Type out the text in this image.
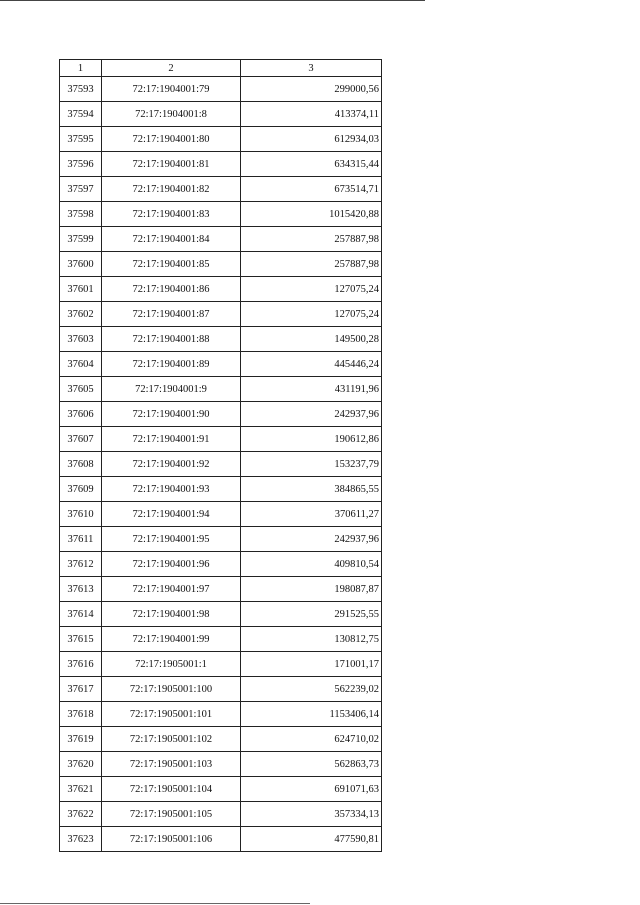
1	2	3
37593	72:17:1904001:79	299000,56
37594	72:17:1904001:8	413374,11
37595	72:17:1904001:80	612934,03
37596	72:17:1904001:81	634315,44
37597	72:17:1904001:82	673514,71
37598	72:17:1904001:83	1015420,88
37599	72:17:1904001:84	257887,98
37600	72:17:1904001:85	257887,98
37601	72:17:1904001:86	127075,24
37602	72:17:1904001:87	127075,24
37603	72:17:1904001:88	149500,28
37604	72:17:1904001:89	445446,24
37605	72:17:1904001:9	431191,96
37606	72:17:1904001:90	242937,96
37607	72:17:1904001:91	190612,86
37608	72:17:1904001:92	153237,79
37609	72:17:1904001:93	384865,55
37610	72:17:1904001:94	370611,27
37611	72:17:1904001:95	242937,96
37612	72:17:1904001:96	409810,54
37613	72:17:1904001:97	198087,87
37614	72:17:1904001:98	291525,55
37615	72:17:1904001:99	130812,75
37616	72:17:1905001:1	171001,17
37617	72:17:1905001:100	562239,02
37618	72:17:1905001:101	1153406,14
37619	72:17:1905001:102	624710,02
37620	72:17:1905001:103	562863,73
37621	72:17:1905001:104	691071,63
37622	72:17:1905001:105	357334,13
37623	72:17:1905001:106	477590,81
